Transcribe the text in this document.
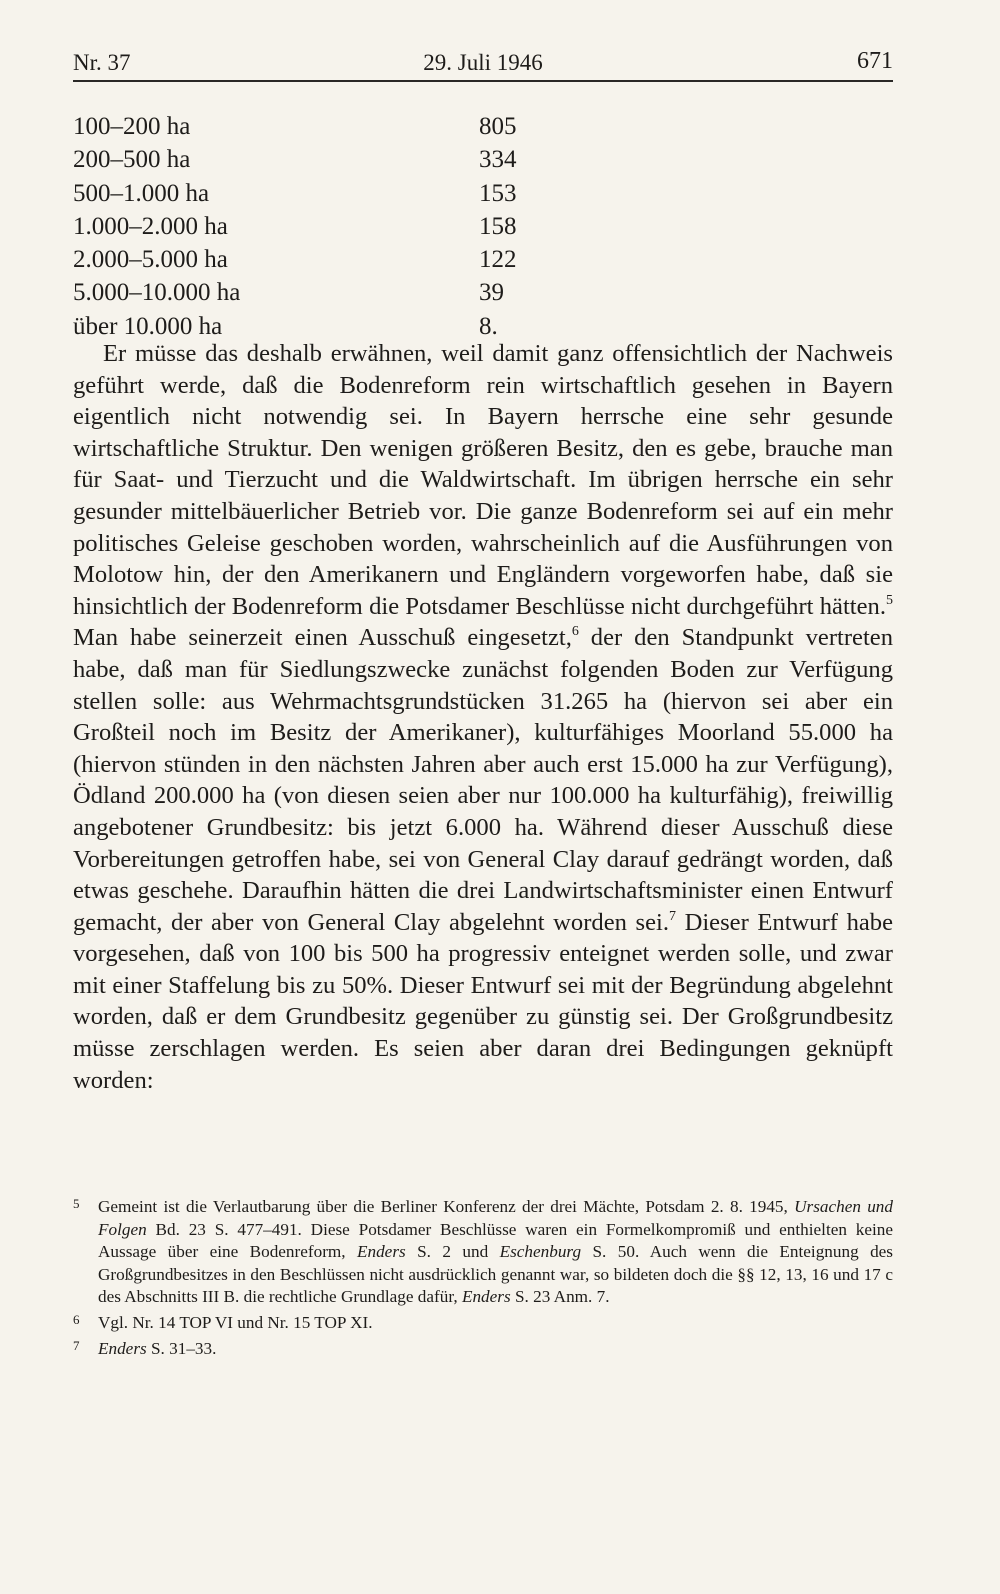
Nr. 37	29. Juli 1946	671
100–200 ha	805
200–500 ha	334
500–1.000 ha	153
1.000–2.000 ha	158
2.000–5.000 ha	122
5.000–10.000 ha	39
über 10.000 ha	8.

Er müsse das deshalb erwähnen, weil damit ganz offensichtlich der Nachweis geführt werde, daß die Bodenreform rein wirtschaftlich gesehen in Bayern eigentlich nicht notwendig sei. In Bayern herrsche eine sehr gesunde wirtschaftliche Struktur. Den wenigen größeren Besitz, den es gebe, brauche man für Saat- und Tierzucht und die Waldwirtschaft. Im übrigen herrsche ein sehr gesunder mittelbäuerlicher Betrieb vor. Die ganze Bodenreform sei auf ein mehr politisches Geleise geschoben worden, wahrscheinlich auf die Ausführungen von Molotow hin, der den Amerikanern und Engländern vorgeworfen habe, daß sie hinsichtlich der Bodenreform die Potsdamer Beschlüsse nicht durchgeführt hätten.$^5$ Man habe seinerzeit einen Ausschuß eingesetzt,$^6$ der den Standpunkt vertreten habe, daß man für Siedlungszwecke zunächst folgenden Boden zur Verfügung stellen solle: aus Wehrmachtsgrundstücken 31.265 ha (hiervon sei aber ein Großteil noch im Besitz der Amerikaner), kulturfähiges Moorland 55.000 ha (hiervon stünden in den nächsten Jahren aber auch erst 15.000 ha zur Verfügung), Ödland 200.000 ha (von diesen seien aber nur 100.000 ha kulturfähig), freiwillig angebotener Grundbesitz: bis jetzt 6.000 ha. Während dieser Ausschuß diese Vorbereitungen getroffen habe, sei von General Clay darauf gedrängt worden, daß etwas geschehe. Daraufhin hätten die drei Landwirtschaftsminister einen Entwurf gemacht, der aber von General Clay abgelehnt worden sei.$^7$ Dieser Entwurf habe vorgesehen, daß von 100 bis 500 ha progressiv enteignet werden solle, und zwar mit einer Staffelung bis zu 50%. Dieser Entwurf sei mit der Begründung abgelehnt worden, daß er dem Grundbesitz gegenüber zu günstig sei. Der Großgrundbesitz müsse zerschlagen werden. Es seien aber daran drei Bedingungen geknüpft worden:

5 Gemeint ist die Verlautbarung über die Berliner Konferenz der drei Mächte, Potsdam 2. 8. 1945, Ursachen und Folgen Bd. 23 S. 477–491. Diese Potsdamer Beschlüsse waren ein Formelkompromiß und enthielten keine Aussage über eine Bodenreform, Enders S. 2 und Eschenburg S. 50. Auch wenn die Enteignung des Großgrundbesitzes in den Beschlüssen nicht ausdrücklich genannt war, so bildeten doch die §§ 12, 13, 16 und 17 c des Abschnitts III B. die rechtliche Grundlage dafür, Enders S. 23 Anm. 7.
6 Vgl. Nr. 14 TOP VI und Nr. 15 TOP XI.
7 Enders S. 31–33.
